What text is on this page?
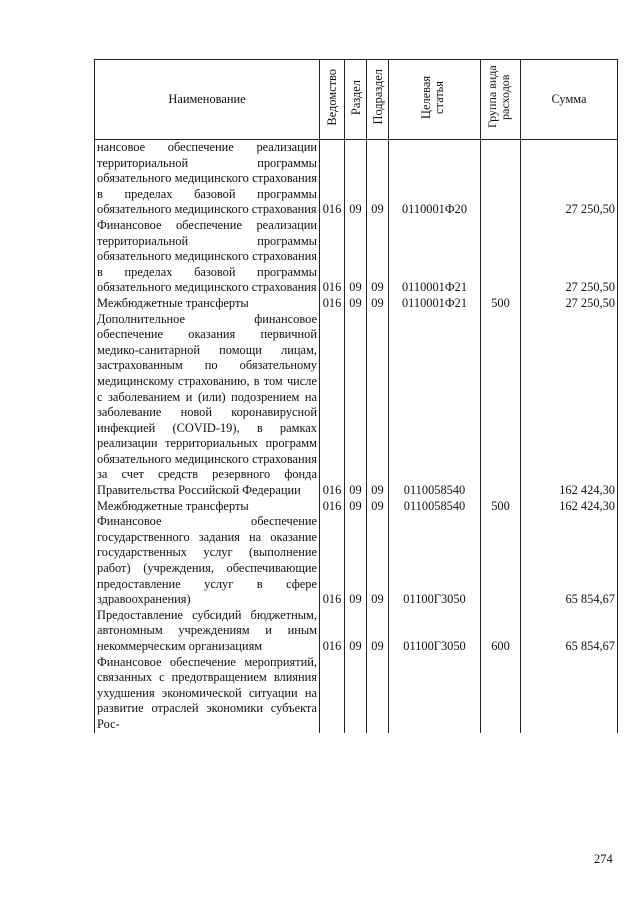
Наименование	Ведомство	Раздел	Подраздел	Целевая статья	Группа вида расходов	Сумма
нансовое обеспечение реализации территориальной программы обязательного медицинского страхования в пределах базовой программы обязательного медицинского страхования	016	09	09	0110001Ф20		27 250,50
Финансовое обеспечение реализации территориальной программы обязательного медицинского страхования в пределах базовой программы обязательного медицинского страхования	016	09	09	0110001Ф21		27 250,50
Межбюджетные трансферты	016	09	09	0110001Ф21	500	27 250,50
Дополнительное финансовое обеспечение оказания первичной медико-санитарной помощи лицам, застрахованным по обязательному медицинскому страхованию, в том числе с заболеванием и (или) подозрением на заболевание новой коронавирусной инфекцией (COVID-19), в рамках реализации территориальных программ обязательного медицинского страхования за счет средств резервного фонда Правительства Российской Федерации	016	09	09	0110058540		162 424,30
Межбюджетные трансферты	016	09	09	0110058540	500	162 424,30
Финансовое обеспечение государственного задания на оказание государственных услуг (выполнение работ) (учреждения, обеспечивающие предоставление услуг в сфере здравоохранения)	016	09	09	01100Г3050		65 854,67
Предоставление субсидий бюджетным, автономным учреждениям и иным некоммерческим организациям	016	09	09	01100Г3050	600	65 854,67
Финансовое обеспечение мероприятий, связанных с предотвращением влияния ухудшения экономической ситуации на развитие отраслей экономики субъекта Рос-						
274
